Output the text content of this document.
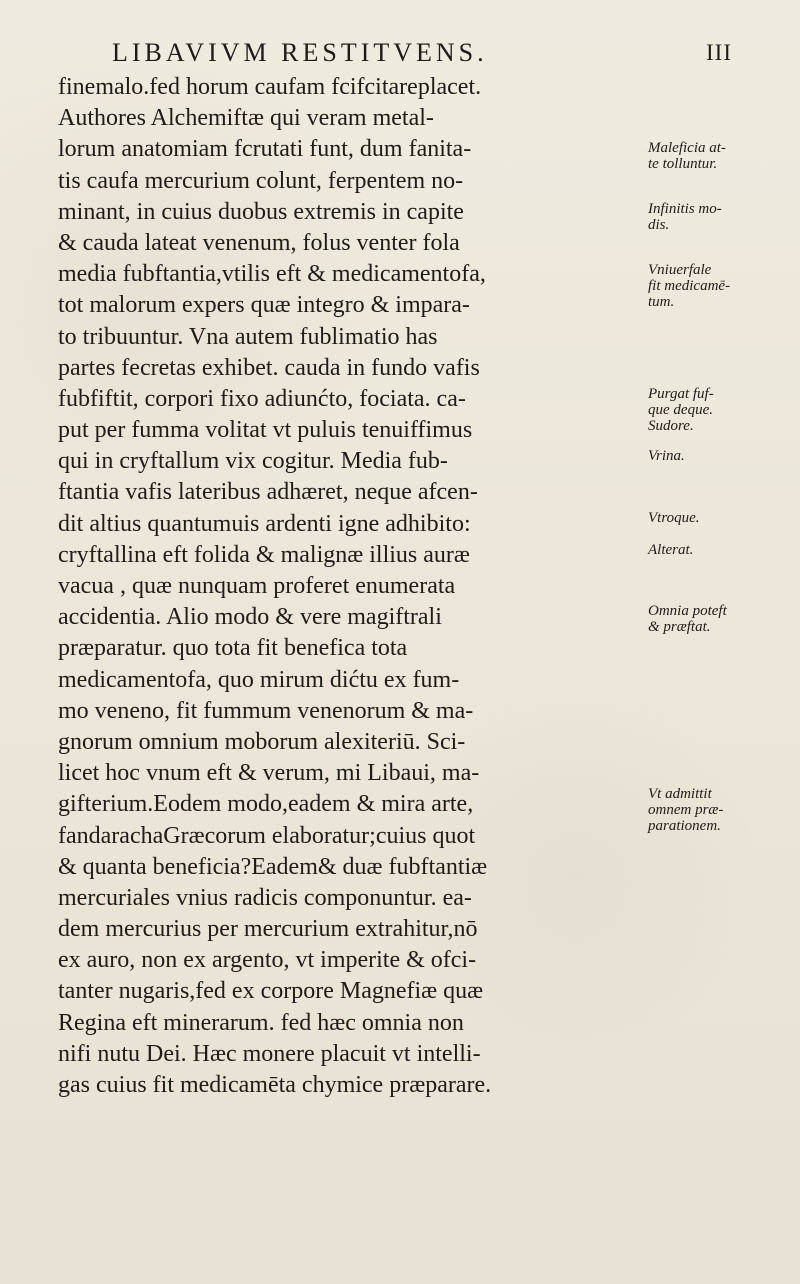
LIBAVIVM RESTITVENS.	III
finemalo.fed horum caufam fcifcitareplacet.
Authores Alchemiftæ qui veram metal-
lorum anatomiam fcrutati funt, dum fanita-
tis caufa mercurium colunt, ferpentem no-
minant, in cuius duobus extremis in capite
& cauda lateat venenum, folus venter fola
media fubftantia,vtilis eft & medicamentofa,
tot malorum expers quæ integro & impara-
to tribuuntur. Vna autem fublimatio has
partes fecretas exhibet. cauda in fundo vafis
fubfiftit, corpori fixo adiunćto, fociata. ca-
put per fumma volitat vt puluis tenuiffimus
qui in cryftallum vix cogitur. Media fub-
ftantia vafis lateribus adhæret, neque afcen-
dit altius quantumuis ardenti igne adhibito:
cryftallina eft folida & malignæ illius auræ
vacua , quæ nunquam proferet enumerata
accidentia. Alio modo & vere magiftrali
præparatur. quo tota fit benefica tota
medicamentofa, quo mirum dićtu ex fum-
mo veneno, fit fummum venenorum & ma-
gnorum omnium moborum alexiteriū. Sci-
licet hoc vnum eft & verum, mi Libaui, ma-
gifterium.Eodem modo,eadem & mira arte,
fandarachaGræcorum elaboratur;cuius quot
& quanta beneficia?Eadem& duæ fubftantiæ
mercuriales vnius radicis componuntur. ea-
dem mercurius per mercurium extrahitur,nō
ex auro, non ex argento, vt imperite & ofci-
tanter nugaris,fed ex corpore Magnefiæ quæ
Regina eft minerarum. fed hæc omnia non
nifi nutu Dei. Hæc monere placuit vt intelli-
gas cuius fit medicamēta chymice præparare.
Maleficia at-
te tolluntur.
Infinitis mo-
dis.
Vniuerfale
fit medicamē-
tum.
Purgat fuf-
que deque.
Sudore.
Vrina.
Vtroque.
Alterat.
Omnia poteft
& præftat.
Vt admittit
omnem præ-
parationem.
